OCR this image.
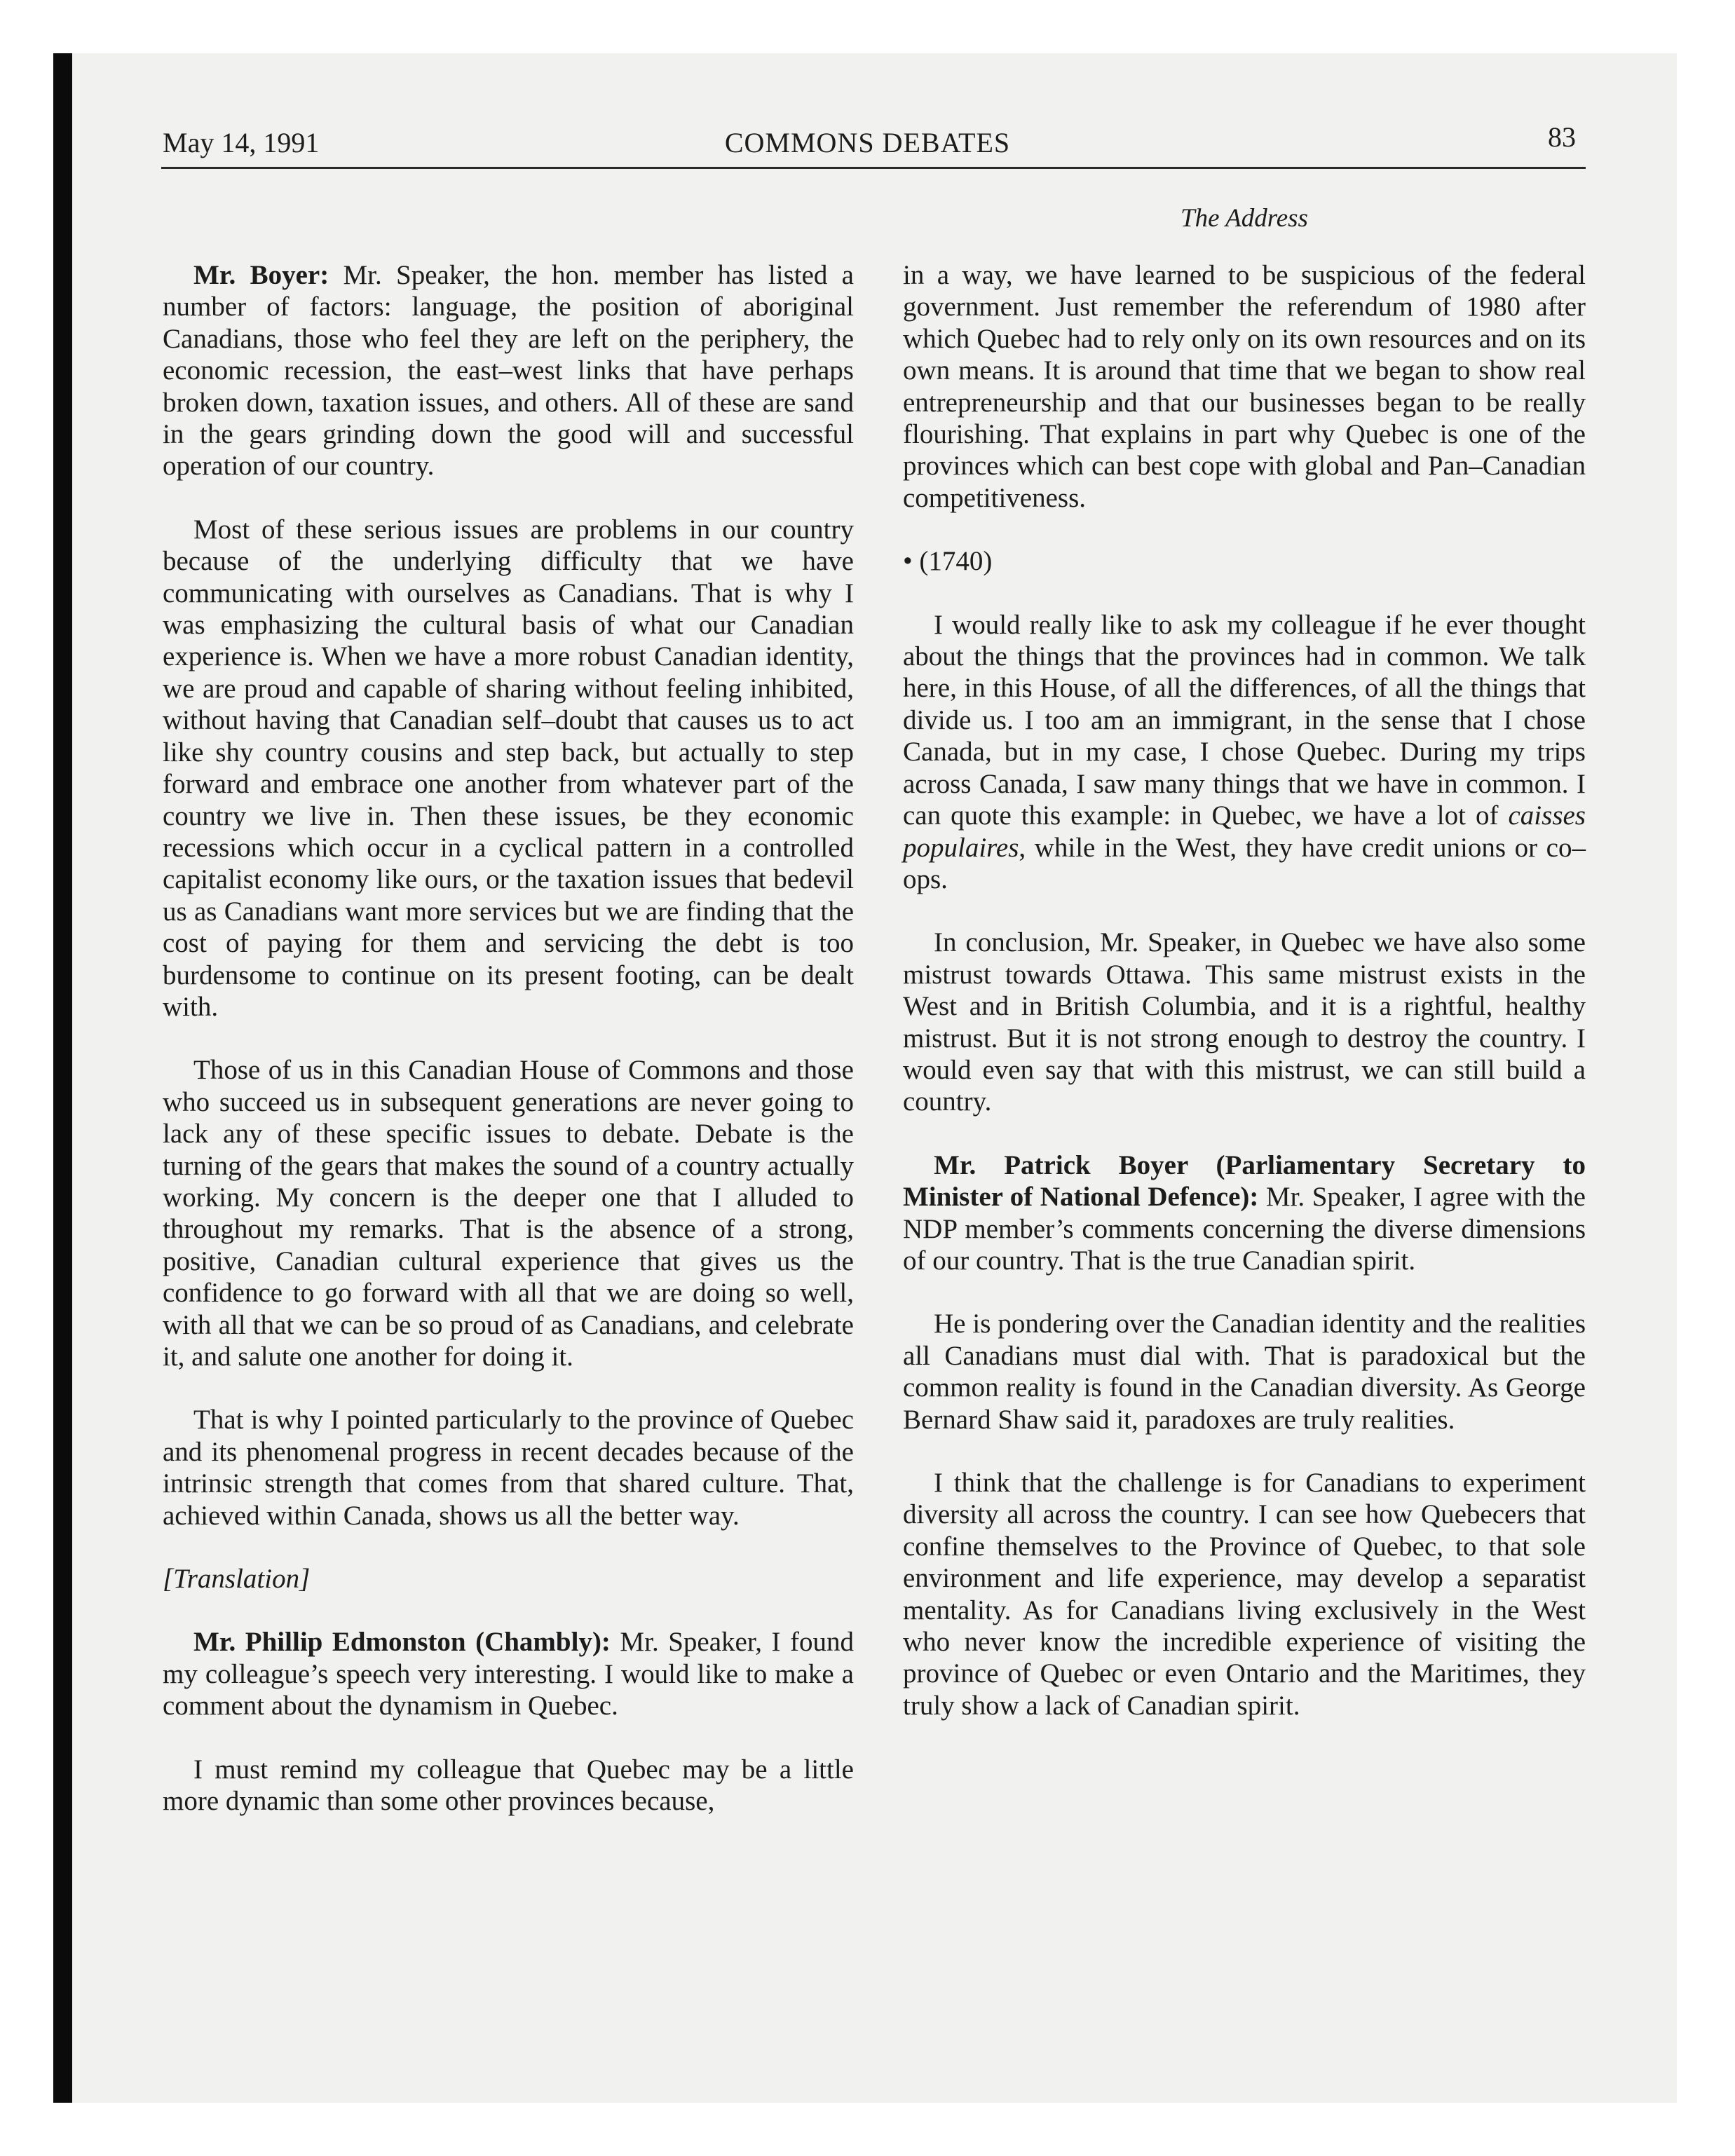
May 14, 1991	COMMONS DEBATES	83
The Address

Mr. Boyer: Mr. Speaker, the hon. member has listed a number of factors: language, the position of aboriginal Canadians, those who feel they are left on the periphery, the economic recession, the east–west links that have perhaps broken down, taxation issues, and others. All of these are sand in the gears grinding down the good will and successful operation of our country.

Most of these serious issues are problems in our country because of the underlying difficulty that we have communicating with ourselves as Canadians. That is why I was emphasizing the cultural basis of what our Canadian experience is. When we have a more robust Canadian identity, we are proud and capable of sharing without feeling inhibited, without having that Canadian self–doubt that causes us to act like shy country cousins and step back, but actually to step forward and embrace one another from whatever part of the country we live in. Then these issues, be they economic recessions which occur in a cyclical pattern in a controlled capitalist economy like ours, or the taxation issues that bedevil us as Canadians want more services but we are finding that the cost of paying for them and servicing the debt is too burdensome to continue on its present footing, can be dealt with.

Those of us in this Canadian House of Commons and those who succeed us in subsequent generations are never going to lack any of these specific issues to debate. Debate is the turning of the gears that makes the sound of a country actually working. My concern is the deeper one that I alluded to throughout my remarks. That is the absence of a strong, positive, Canadian cultural experience that gives us the confidence to go forward with all that we are doing so well, with all that we can be so proud of as Canadians, and celebrate it, and salute one another for doing it.

That is why I pointed particularly to the province of Quebec and its phenomenal progress in recent decades because of the intrinsic strength that comes from that shared culture. That, achieved within Canada, shows us all the better way.

[Translation]

Mr. Phillip Edmonston (Chambly): Mr. Speaker, I found my colleague’s speech very interesting. I would like to make a comment about the dynamism in Quebec.

I must remind my colleague that Quebec may be a little more dynamic than some other provinces because,

in a way, we have learned to be suspicious of the federal government. Just remember the referendum of 1980 after which Quebec had to rely only on its own resources and on its own means. It is around that time that we began to show real entrepreneurship and that our businesses began to be really flourishing. That explains in part why Quebec is one of the provinces which can best cope with global and Pan–Canadian competitiveness.

• (1740)

I would really like to ask my colleague if he ever thought about the things that the provinces had in common. We talk here, in this House, of all the differences, of all the things that divide us. I too am an immigrant, in the sense that I chose Canada, but in my case, I chose Quebec. During my trips across Canada, I saw many things that we have in common. I can quote this example: in Quebec, we have a lot of caisses populaires, while in the West, they have credit unions or co–ops.

In conclusion, Mr. Speaker, in Quebec we have also some mistrust towards Ottawa. This same mistrust exists in the West and in British Columbia, and it is a rightful, healthy mistrust. But it is not strong enough to destroy the country. I would even say that with this mistrust, we can still build a country.

Mr. Patrick Boyer (Parliamentary Secretary to Minister of National Defence): Mr. Speaker, I agree with the NDP member’s comments concerning the diverse dimensions of our country. That is the true Canadian spirit.

He is pondering over the Canadian identity and the realities all Canadians must dial with. That is paradoxical but the common reality is found in the Canadian diversity. As George Bernard Shaw said it, paradoxes are truly realities.

I think that the challenge is for Canadians to experiment diversity all across the country. I can see how Quebecers that confine themselves to the Province of Quebec, to that sole environment and life experience, may develop a separatist mentality. As for Canadians living exclusively in the West who never know the incredible experience of visiting the province of Quebec or even Ontario and the Maritimes, they truly show a lack of Canadian spirit.
